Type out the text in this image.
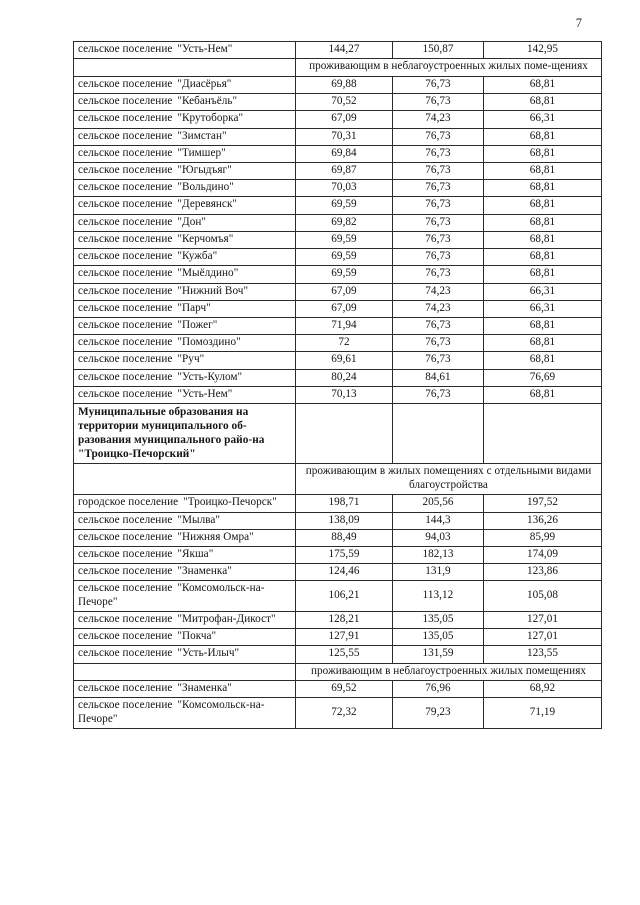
7
сельское поселение "Усть-Нем"	144,27	150,87	142,95
	проживающим в неблагоустроенных жилых поме-щениях		
сельское поселение "Диасёрья"	69,88	76,73	68,81
сельское поселение "Кебанъёль"	70,52	76,73	68,81
сельское поселение "Крутоборка"	67,09	74,23	66,31
сельское поселение "Зимстан"	70,31	76,73	68,81
сельское поселение "Тимшер"	69,84	76,73	68,81
сельское поселение "Югыдъяг"	69,87	76,73	68,81
сельское поселение "Вольдино"	70,03	76,73	68,81
сельское поселение "Деревянск"	69,59	76,73	68,81
сельское поселение "Дон"	69,82	76,73	68,81
сельское поселение "Керчомъя"	69,59	76,73	68,81
сельское поселение "Кужба"	69,59	76,73	68,81
сельское поселение "Мыёлдино"	69,59	76,73	68,81
сельское поселение "Нижний Воч"	67,09	74,23	66,31
сельское поселение "Парч"	67,09	74,23	66,31
сельское поселение "Пожег"	71,94	76,73	68,81
сельское поселение "Помоздино"	72	76,73	68,81
сельское поселение "Руч"	69,61	76,73	68,81
сельское поселение "Усть-Кулом"	80,24	84,61	76,69
сельское поселение "Усть-Нем"	70,13	76,73	68,81
Муниципальные образования на территории муниципального об-разования муниципального райо-на "Троицко-Печорский"			
	проживающим в жилых помещениях с отдельными видами благоустройства		
городское поселение "Троицко-Печорск"	198,71	205,56	197,52
сельское поселение "Мылва"	138,09	144,3	136,26
сельское поселение "Нижняя Омра"	88,49	94,03	85,99
сельское поселение "Якша"	175,59	182,13	174,09
сельское поселение "Знаменка"	124,46	131,9	123,86
сельское поселение "Комсомольск-на-Печоре"	106,21	113,12	105,08
сельское поселение "Митрофан-Дикост"	128,21	135,05	127,01
сельское поселение "Покча"	127,91	135,05	127,01
сельское поселение "Усть-Илыч"	125,55	131,59	123,55
	проживающим в неблагоустроенных жилых помещениях		
сельское поселение "Знаменка"	69,52	76,96	68,92
сельское поселение "Комсомольск-на-Печоре"	72,32	79,23	71,19
